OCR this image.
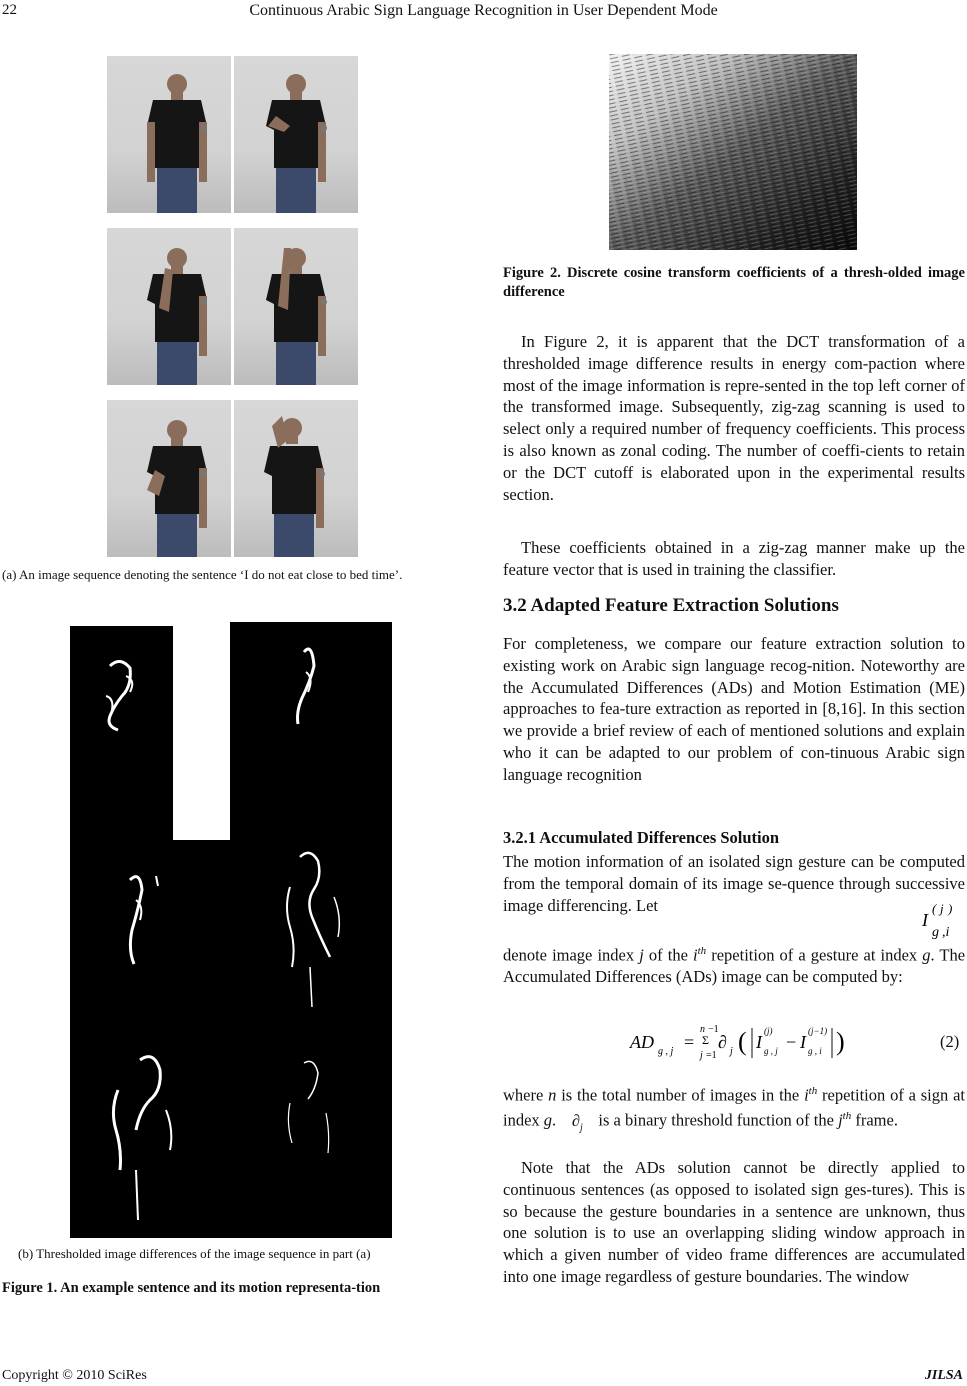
22	Continuous Arabic Sign Language Recognition in User Dependent Mode
(a) An image sequence denoting the sentence ‘I do not eat close to bed time’.
(b) Thresholded image differences of the image sequence in part (a)
Figure 1. An example sentence and its motion representa-tion
Figure 2. Discrete cosine transform coefficients of a thresh-olded image difference
In Figure 2, it is apparent that the DCT transformation of a thresholded image difference results in energy com-paction where most of the image information is repre-sented in the top left corner of the transformed image. Subsequently, zig-zag scanning is used to select only a required number of frequency coefficients. This process is also known as zonal coding. The number of coeffi-cients to retain or the DCT cutoff is elaborated upon in the experimental results section.
These coefficients obtained in a zig-zag manner make up the feature vector that is used in training the classifier.
3.2 Adapted Feature Extraction Solutions
For completeness, we compare our feature extraction solution to existing work on Arabic sign language recog-nition. Noteworthy are the Accumulated Differences (ADs) and Motion Estimation (ME) approaches to fea-ture extraction as reported in [8,16]. In this section we provide a brief review of each of mentioned solutions and explain who it can be adapted to our problem of con-tinuous Arabic sign language recognition
3.2.1 Accumulated Differences Solution
The motion information of an isolated sign gesture can be computed from the temporal domain of its image se-quence through successive image differencing. Let
I
( j )
g ,i
denote image index j of the $i^{th}$ repetition of a gesture at index g. The Accumulated Differences (ADs) image can be computed by:
AD g , j =
n −1
Σ
j =1
∂ j ( I
(j)
g , j − I
(j−1)
g , i )	(2)
where n is the total number of images in the $i^{th}$ repetition of a sign at index g. $\partial_j$ is a binary threshold function of the $j^{th}$ frame.
Note that the ADs solution cannot be directly applied to continuous sentences (as opposed to isolated sign ges-tures). This is so because the gesture boundaries in a sentence are unknown, thus one solution is to use an overlapping sliding window approach in which a given number of video frame differences are accumulated into one image regardless of gesture boundaries. The window
Copyright © 2010 SciRes	JILSA
